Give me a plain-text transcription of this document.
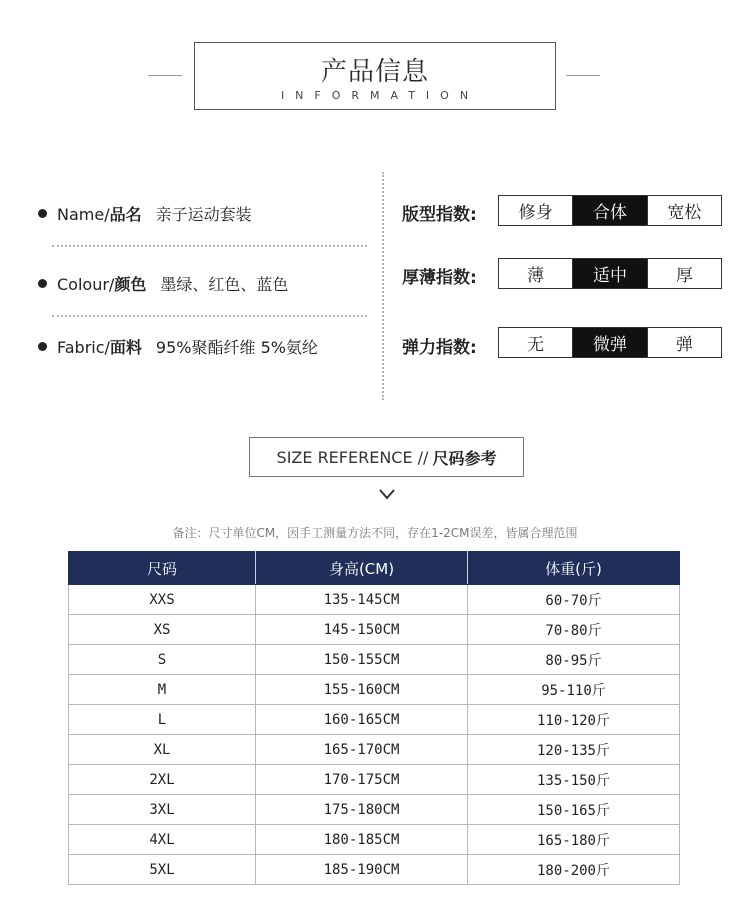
产品信息
INFORMATION
Name/品名 亲子运动套装
Colour/颜色 墨绿、红色、蓝色
Fabric/面料 95%聚酯纤维 5%氨纶
版型指数:	修身	合体	宽松
厚薄指数:	薄	适中	厚
弹力指数:	无	微弹	弹
SIZE REFERENCE // 尺码参考
备注：尺寸单位CM，因手工测量方法不同，存在1-2CM误差，皆属合理范围
尺码	身高(CM)	体重(斤)
XXS	135-145CM	60-70斤
XS	145-150CM	70-80斤
S	150-155CM	80-95斤
M	155-160CM	95-110斤
L	160-165CM	110-120斤
XL	165-170CM	120-135斤
2XL	170-175CM	135-150斤
3XL	175-180CM	150-165斤
4XL	180-185CM	165-180斤
5XL	185-190CM	180-200斤
